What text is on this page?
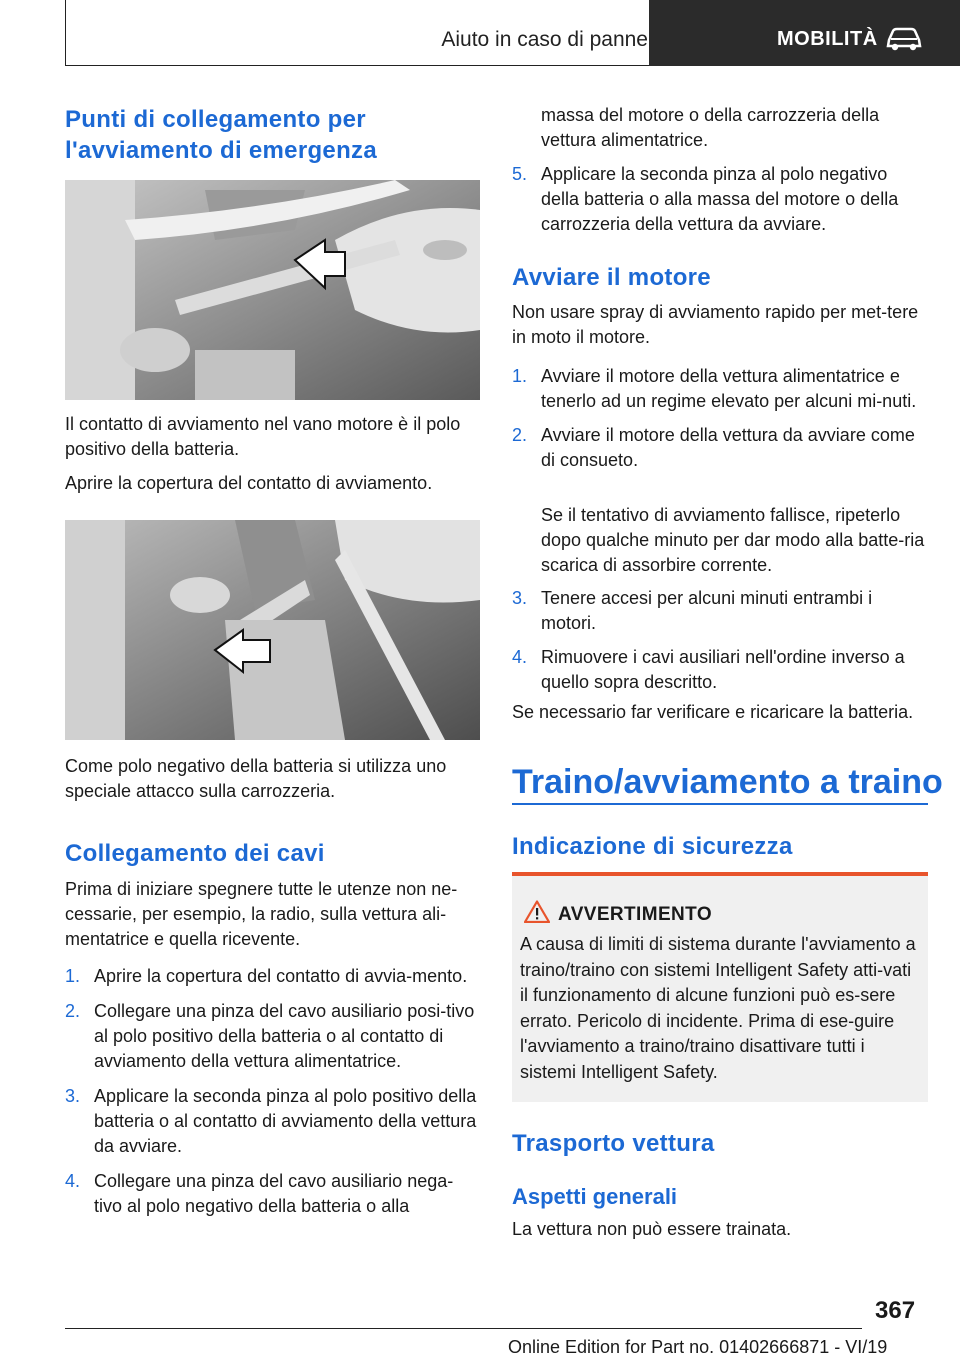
Aiuto in caso di panne	MOBILITÀ
Punti di collegamento per l'avviamento di emergenza

Il contatto di avviamento nel vano motore è il polo positivo della batteria.

Aprire la copertura del contatto di avviamento.

Come polo negativo della batteria si utilizza uno speciale attacco sulla carrozzeria.

Collegamento dei cavi

Prima di iniziare spegnere tutte le utenze non ne-cessarie, per esempio, la radio, sulla vettura ali-mentatrice e quella ricevente.

1. Aprire la copertura del contatto di avvia-mento.
2. Collegare una pinza del cavo ausiliario posi-tivo al polo positivo della batteria o al contatto di avviamento della vettura alimentatrice.
3. Applicare la seconda pinza al polo positivo della batteria o al contatto di avviamento della vettura da avviare.
4. Collegare una pinza del cavo ausiliario nega-tivo al polo negativo della batteria o alla

massa del motore o della carrozzeria della vettura alimentatrice.

5. Applicare la seconda pinza al polo negativo della batteria o alla massa del motore o della carrozzeria della vettura da avviare.
Avviare il motore

Non usare spray di avviamento rapido per met-tere in moto il motore.

1. Avviare il motore della vettura alimentatrice e tenerlo ad un regime elevato per alcuni mi-nuti.
2. Avviare il motore della vettura da avviare come di consueto.

Se il tentativo di avviamento fallisce, ripeterlo dopo qualche minuto per dar modo alla batte-ria scarica di assorbire corrente.

3. Tenere accesi per alcuni minuti entrambi i motori.
4. Rimuovere i cavi ausiliari nell'ordine inverso a quello sopra descritto.

Se necessario far verificare e ricaricare la batteria.

Traino/avviamento a traino
Indicazione di sicurezza
AVVERTIMENTO
A causa di limiti di sistema durante l'avviamento a traino/traino con sistemi Intelligent Safety atti-vati il funzionamento di alcune funzioni può es-sere errato. Pericolo di incidente. Prima di ese-guire l'avviamento a traino/traino disattivare tutti i sistemi Intelligent Safety.
Trasporto vettura
Aspetti generali

La vettura non può essere trainata.

367
Online Edition for Part no. 01402666871 - VI/19
